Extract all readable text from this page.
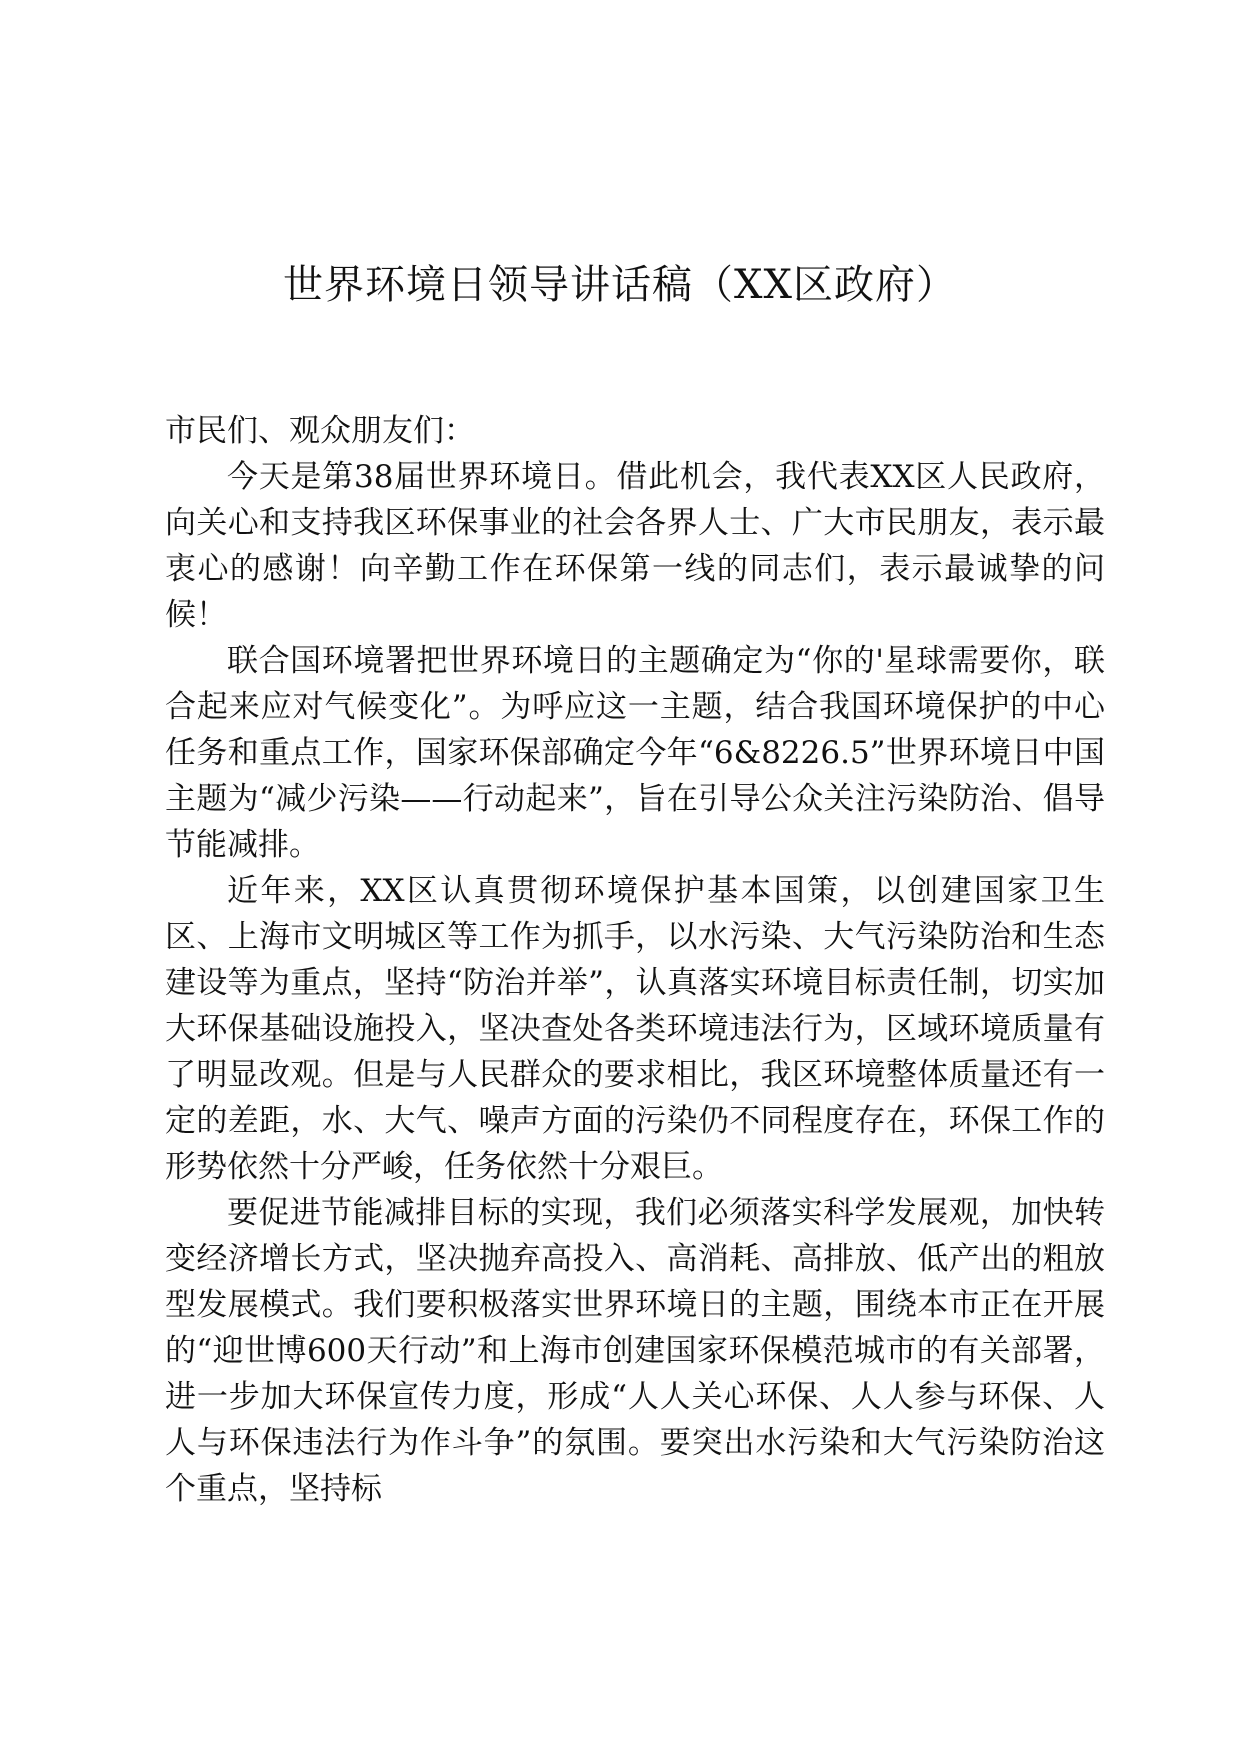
世界环境日领导讲话稿（XX区政府）

市民们、观众朋友们：

今天是第38届世界环境日。借此机会，我代表XX区人民政府，向关心和支持我区环保事业的社会各界人士、广大市民朋友，表示最衷心的感谢！向辛勤工作在环保第一线的同志们，表示最诚挚的问候！

联合国环境署把世界环境日的主题确定为“你的'星球需要你，联合起来应对气候变化”。为呼应这一主题，结合我国环境保护的中心任务和重点工作，国家环保部确定今年“6&8226.5”世界环境日中国主题为“减少污染——行动起来”，旨在引导公众关注污染防治、倡导节能减排。

近年来，XX区认真贯彻环境保护基本国策，以创建国家卫生区、上海市文明城区等工作为抓手，以水污染、大气污染防治和生态建设等为重点，坚持“防治并举”，认真落实环境目标责任制，切实加大环保基础设施投入，坚决查处各类环境违法行为，区域环境质量有了明显改观。但是与人民群众的要求相比，我区环境整体质量还有一定的差距，水、大气、噪声方面的污染仍不同程度存在，环保工作的形势依然十分严峻，任务依然十分艰巨。

要促进节能减排目标的实现，我们必须落实科学发展观，加快转变经济增长方式，坚决抛弃高投入、高消耗、高排放、低产出的粗放型发展模式。我们要积极落实世界环境日的主题，围绕本市正在开展的“迎世博600天行动”和上海市创建国家环保模范城市的有关部署，进一步加大环保宣传力度，形成“人人关心环保、人人参与环保、人人与环保违法行为作斗争”的氛围。要突出水污染和大气污染防治这个重点，坚持标
